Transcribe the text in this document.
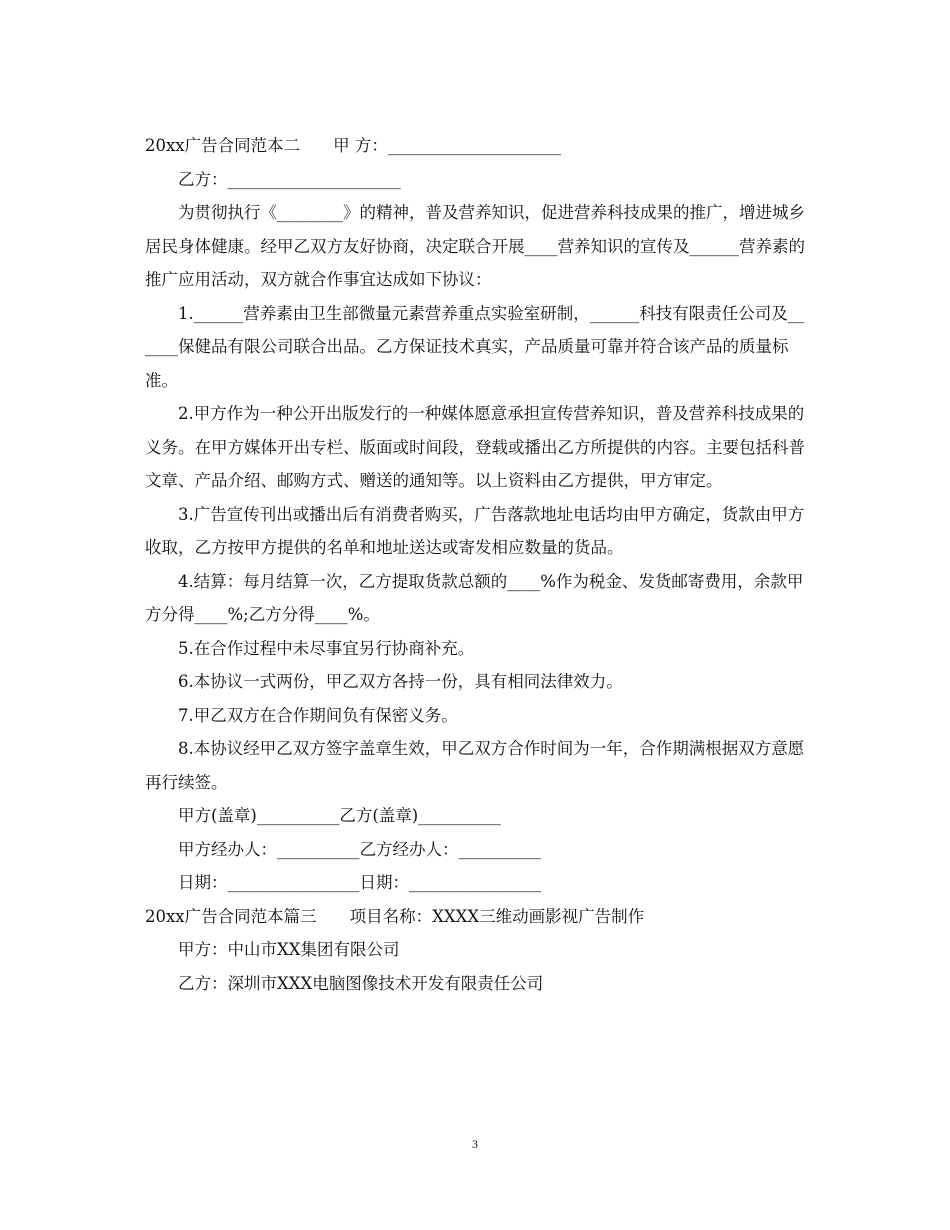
20xx广告合同范本二　　甲 方：_____________________

乙方：_____________________

为贯彻执行《________》的精神，普及营养知识，促进营养科技成果的推广，增进城乡居民身体健康。经甲乙双方友好协商，决定联合开展____营养知识的宣传及______营养素的推广应用活动，双方就合作事宜达成如下协议：

1.______营养素由卫生部微量元素营养重点实验室研制，______科技有限责任公司及______保健品有限公司联合出品。乙方保证技术真实，产品质量可靠并符合该产品的质量标准。

2.甲方作为一种公开出版发行的一种媒体愿意承担宣传营养知识，普及营养科技成果的义务。在甲方媒体开出专栏、版面或时间段，登载或播出乙方所提供的内容。主要包括科普文章、产品介绍、邮购方式、赠送的通知等。以上资料由乙方提供，甲方审定。

3.广告宣传刊出或播出后有消费者购买，广告落款地址电话均由甲方确定，货款由甲方收取，乙方按甲方提供的名单和地址送达或寄发相应数量的货品。

4.结算：每月结算一次，乙方提取货款总额的____%作为税金、发货邮寄费用，余款甲方分得____%;乙方分得____%。

5.在合作过程中未尽事宜另行协商补充。

6.本协议一式两份，甲乙双方各持一份，具有相同法律效力。

7.甲乙双方在合作期间负有保密义务。

8.本协议经甲乙双方签字盖章生效，甲乙双方合作时间为一年，合作期满根据双方意愿再行续签。

甲方(盖章)__________乙方(盖章)__________

甲方经办人：__________乙方经办人：__________

日期：________________日期：________________

20xx广告合同范本篇三　　项目名称：XXXX三维动画影视广告制作

甲方：中山市XX集团有限公司

乙方：深圳市XXX电脑图像技术开发有限责任公司

3
